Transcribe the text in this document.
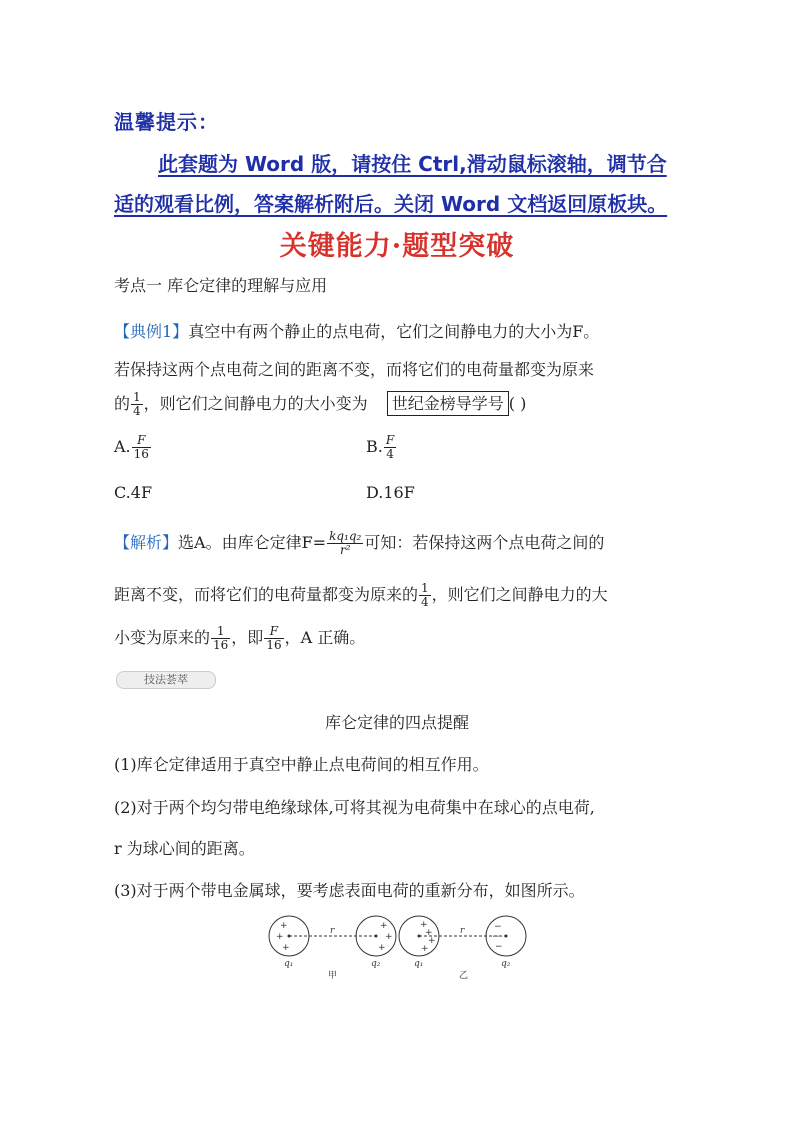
温馨提示：
此套题为 Word 版，请按住 Ctrl,滑动鼠标滚轴，调节合
适的观看比例，答案解析附后。关闭 Word 文档返回原板块。
关键能力·题型突破
考点一 库仑定律的理解与应用
【典例1】真空中有两个静止的点电荷，它们之间静电力的大小为F。
若保持这两个点电荷之间的距离不变，而将它们的电荷量都变为原来
的 $\frac{1}{4}$ ，则它们之间静电力的大小变为 世纪金榜导学号 ( )
A. $\frac{F}{16}$	B. $\frac{F}{4}$
C.4F	D.16F
【解析】选A。由库仑定律$F= \frac{\text{kq₁q₂}}{\text{r²}}$ 可知：若保持这两个点电荷之间的
距离不变，而将它们的电荷量都变为原来的 $\frac{1}{4}$ ，则它们之间静电力的大
小变为原来的 $\frac{1}{16}$ ，即 $\frac{F}{16}$ ，A 正确。
技法荟萃
库仑定律的四点提醒
(1)库仑定律适用于真空中静止点电荷间的相互作用。
(2)对于两个均匀带电绝缘球体,可将其视为电荷集中在球心的点电荷,
r 为球心间的距离。
(3)对于两个带电金属球，要考虑表面电荷的重新分布，如图所示。
+
+
+
+
+
+
+
+
+
+
−
−
−
r	r
q₁	q₂	q₁	q₂
甲	乙
